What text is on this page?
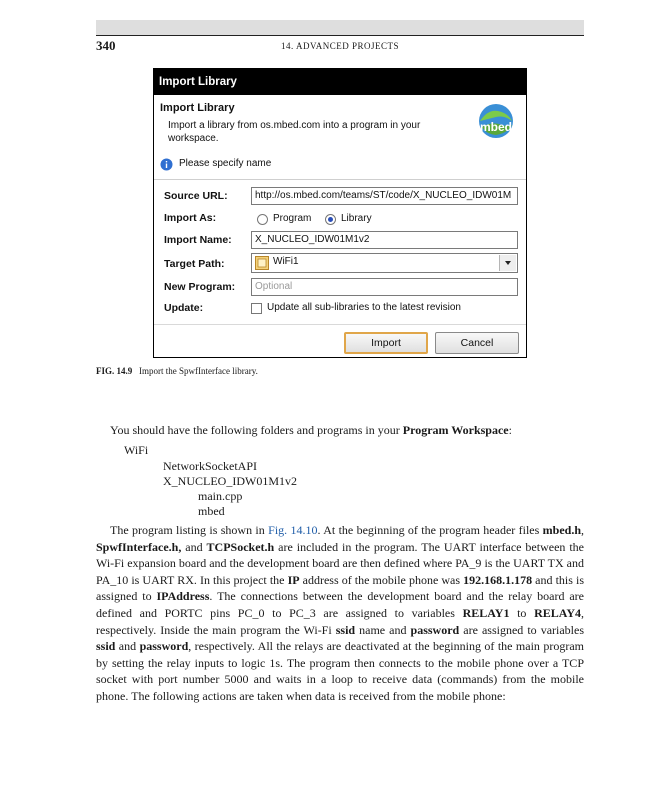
340	14. ADVANCED PROJECTS
Import Library
Import Library
Import a library from os.mbed.com into a program in your workspace.
mbed
Please specify name
Source URL:	http://os.mbed.com/teams/ST/code/X_NUCLEO_IDW01M
Import As:	Program	Library
Import Name:	X_NUCLEO_IDW01M1v2
Target Path:	WiFi1
New Program:	Optional
Update:	Update all sub-libraries to the latest revision
Import	Cancel
FIG. 14.9 Import the SpwfInterface library.
You should have the following folders and programs in your Program Workspace:
WiFi
NetworkSocketAPI
X_NUCLEO_IDW01M1v2
main.cpp
mbed
The program listing is shown in Fig. 14.10. At the beginning of the program header files mbed.h, SpwfInterface.h, and TCPSocket.h are included in the program. The UART interface between the Wi-Fi expansion board and the development board are then defined where PA_9 is the UART TX and PA_10 is UART RX. In this project the IP address of the mobile phone was 192.168.1.178 and this is assigned to IPAddress. The connections between the development board and the relay board are defined and PORTC pins PC_0 to PC_3 are assigned to variables RELAY1 to RELAY4, respectively. Inside the main program the Wi-Fi ssid name and password are assigned to variables ssid and password, respectively. All the relays are deactivated at the beginning of the main program by setting the relay inputs to logic 1s. The program then connects to the mobile phone over a TCP socket with port number 5000 and waits in a loop to receive data (commands) from the mobile phone. The following actions are taken when data is received from the mobile phone:
